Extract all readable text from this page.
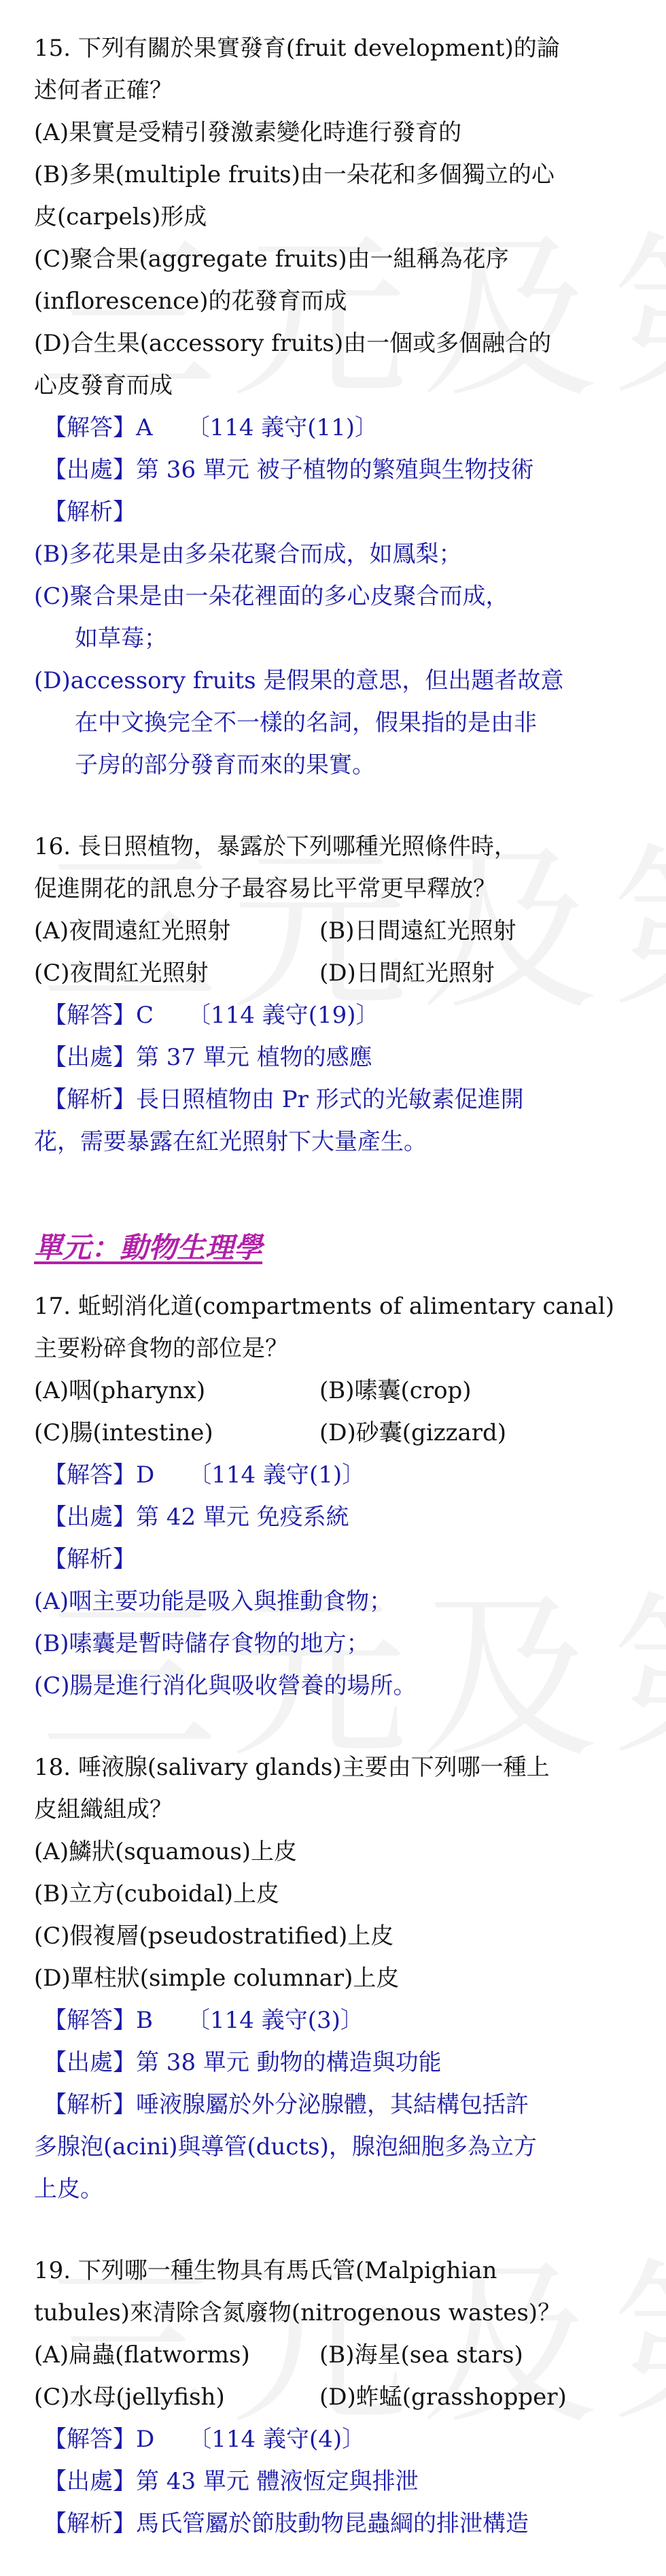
15. 下列有關於果實發育(fruit development)的論
述何者正確？
(A)果實是受精引發激素變化時進行發育的
(B)多果(multiple fruits)由一朵花和多個獨立的心
皮(carpels)形成
(C)聚合果(aggregate fruits)由一組稱為花序
(inflorescence)的花發育而成
(D)合生果(accessory fruits)由一個或多個融合的
心皮發育而成
【解答】A 〔114 義守(11)〕
【出處】第 36 單元 被子植物的繁殖與生物技術
【解析】
(B)多花果是由多朵花聚合而成，如鳳梨；
(C)聚合果是由一朵花裡面的多心皮聚合而成，
如草莓；
(D)accessory fruits 是假果的意思，但出題者故意
在中文換完全不一樣的名詞，假果指的是由非
子房的部分發育而來的果實。
16. 長日照植物，暴露於下列哪種光照條件時，
促進開花的訊息分子最容易比平常更早釋放？
(A)夜間遠紅光照射	(B)日間遠紅光照射
(C)夜間紅光照射	(D)日間紅光照射
【解答】C 〔114 義守(19)〕
【出處】第 37 單元 植物的感應
【解析】長日照植物由 Pr 形式的光敏素促進開
花，需要暴露在紅光照射下大量產生。
單元：動物生理學
17. 蚯蚓消化道(compartments of alimentary canal)
主要粉碎食物的部位是？
(A)咽(pharynx)	(B)嗉囊(crop)
(C)腸(intestine)	(D)砂囊(gizzard)
【解答】D 〔114 義守(1)〕
【出處】第 42 單元 免疫系統
【解析】
(A)咽主要功能是吸入與推動食物；
(B)嗉囊是暫時儲存食物的地方；
(C)腸是進行消化與吸收營養的場所。
18. 唾液腺(salivary glands)主要由下列哪一種上
皮組織組成？
(A)鱗狀(squamous)上皮
(B)立方(cuboidal)上皮
(C)假複層(pseudostratified)上皮
(D)單柱狀(simple columnar)上皮
【解答】B 〔114 義守(3)〕
【出處】第 38 單元 動物的構造與功能
【解析】唾液腺屬於外分泌腺體，其結構包括許
多腺泡(acini)與導管(ducts)，腺泡細胞多為立方
上皮。
19. 下列哪一種生物具有馬氏管(Malpighian
tubules)來清除含氮廢物(nitrogenous wastes)？
(A)扁蟲(flatworms)	(B)海星(sea stars)
(C)水母(jellyfish)	(D)蚱蜢(grasshopper)
【解答】D 〔114 義守(4)〕
【出處】第 43 單元 體液恆定與排泄
【解析】馬氏管屬於節肢動物昆蟲綱的排泄構造
